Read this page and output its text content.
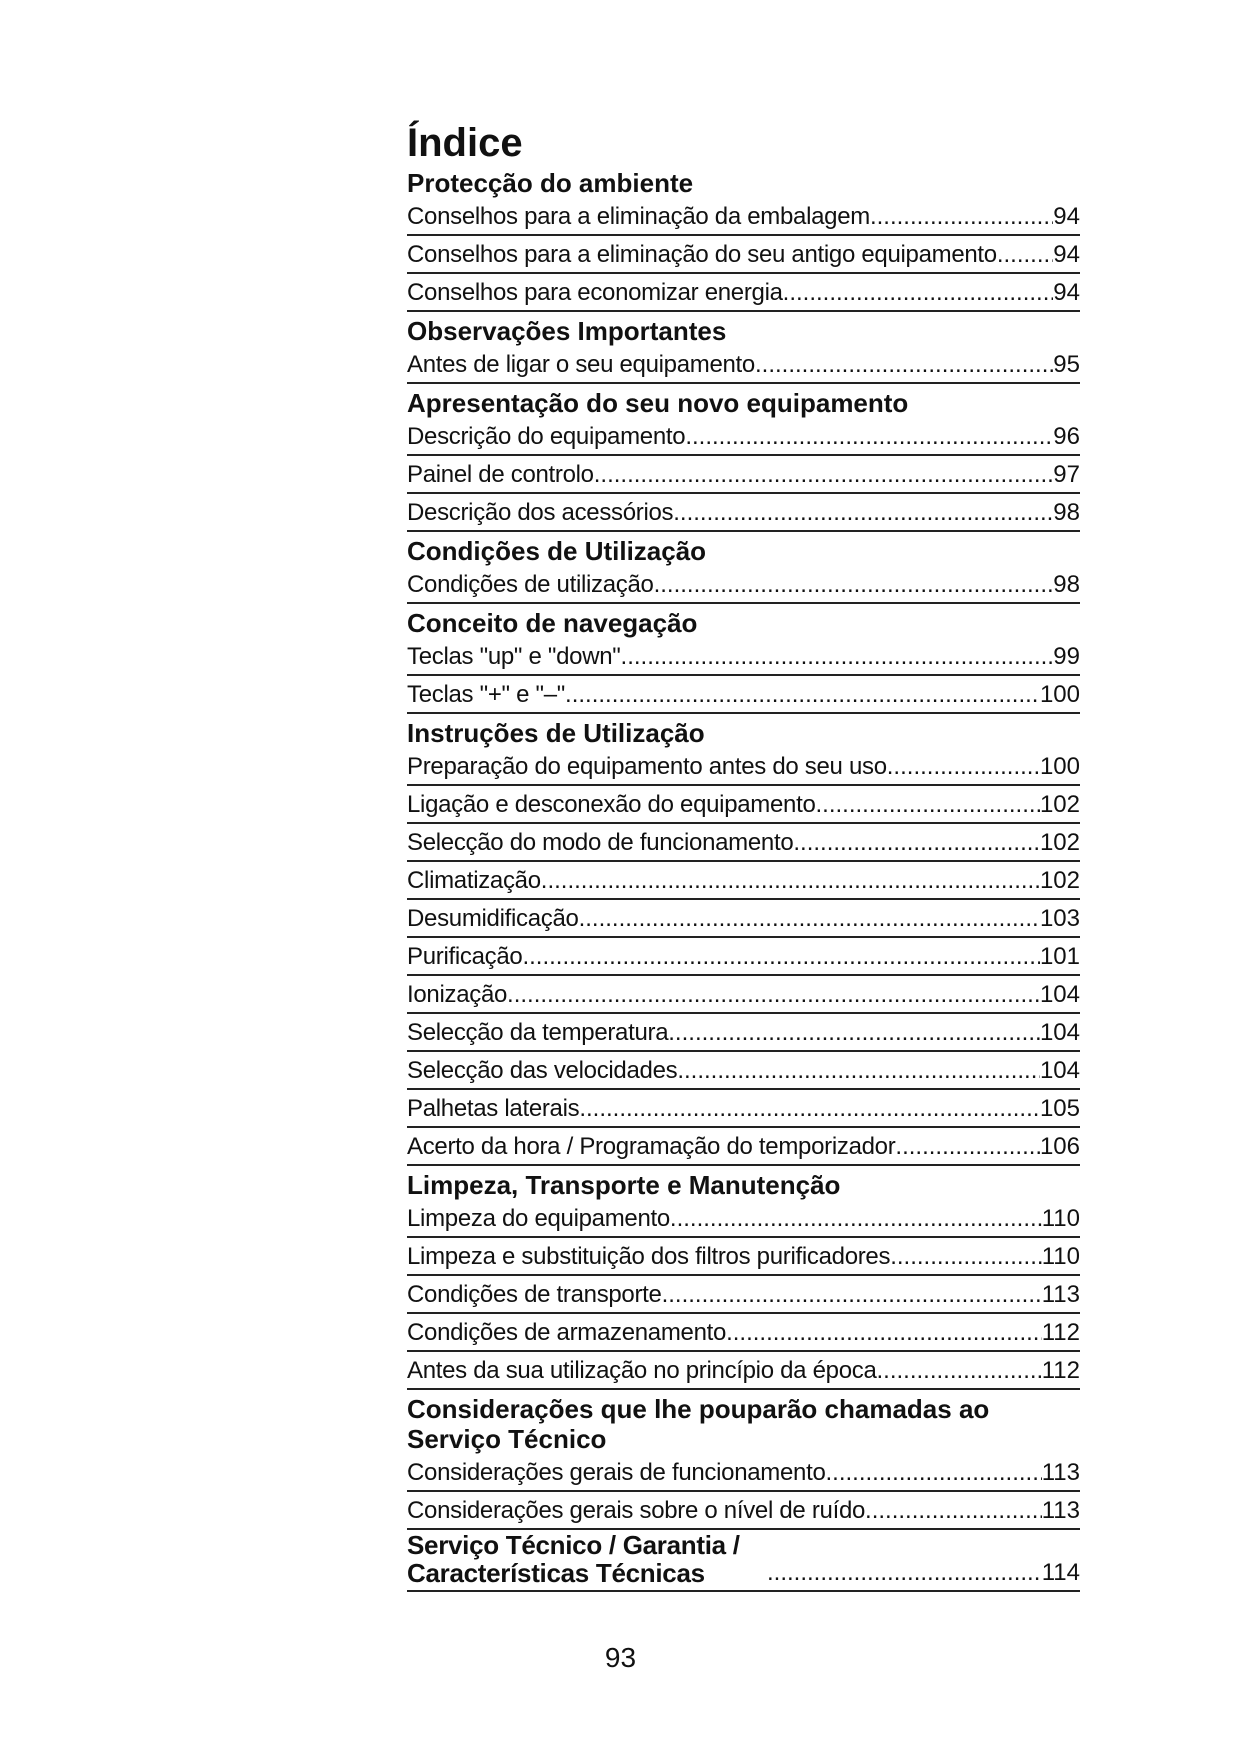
Índice
Protecção do ambiente
Conselhos para a eliminação da embalagem .....	94
Conselhos para a eliminação do seu antigo equipamento ..... 94
Conselhos para economizar energia .....	94
Observações Importantes
Antes de ligar o seu equipamento .....	95
Apresentação do seu novo equipamento
Descrição do equipamento .....	96
Painel de controlo .....	97
Descrição dos acessórios .....	98
Condições de Utilização
Condições de utilização .....	98
Conceito de navegação
Teclas "up" e "down" .....	99
Teclas "+" e "–" .....	100
Instruções de Utilização
Preparação do equipamento antes do seu uso .....	100
Ligação e desconexão do equipamento .....	102
Selecção do modo de funcionamento .....	102
Climatização .....	102
Desumidificação .....	103
Purificação .....	101
Ionização .....	104
Selecção da temperatura .....	104
Selecção das velocidades .....	104
Palhetas laterais .....	105
Acerto da hora / Programação do temporizador .....	106
Limpeza, Transporte e Manutenção
Limpeza do equipamento .....	110
Limpeza e substituição dos filtros purificadores .....	110
Condições de transporte .....	113
Condições de armazenamento .....	112
Antes da sua utilização no princípio da época .....	112
Considerações que lhe pouparão chamadas ao Serviço Técnico
Considerações gerais de funcionamento .....	113
Considerações gerais sobre o nível de ruído .....	113
Serviço Técnico / Garantia / Características Técnicas .....	114
93
